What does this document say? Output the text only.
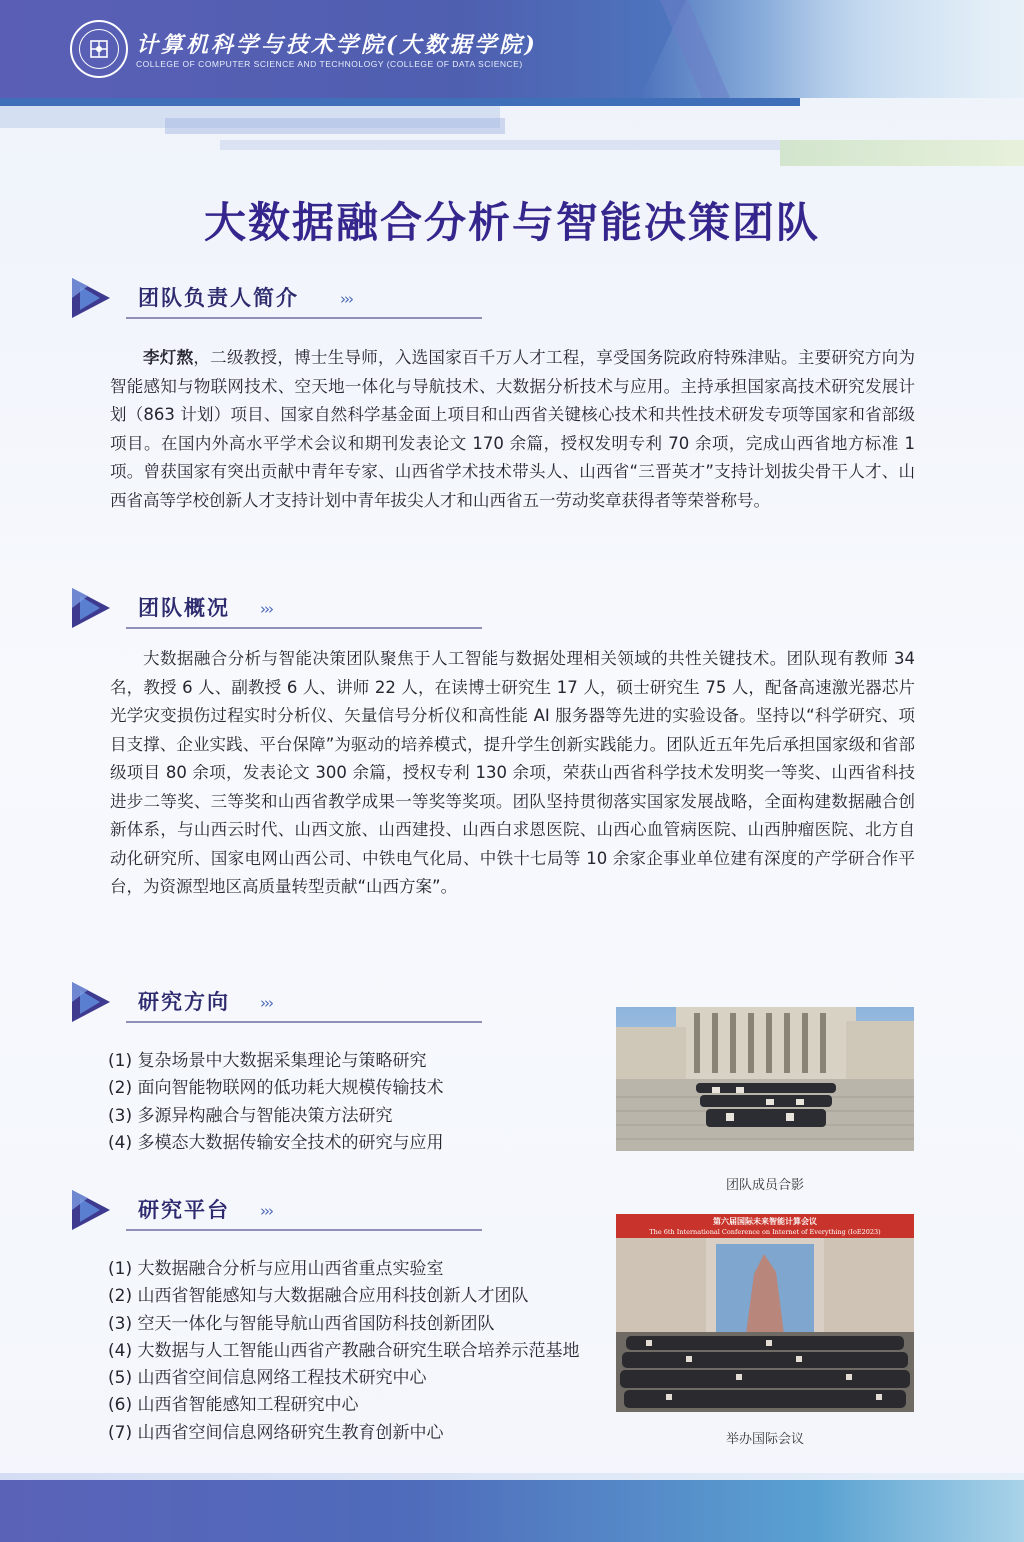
计算机科学与技术学院(大数据学院)
COLLEGE OF COMPUTER SCIENCE AND TECHNOLOGY (COLLEGE OF DATA SCIENCE)
大数据融合分析与智能决策团队
团队负责人简介	›››
李灯熬，二级教授，博士生导师，入选国家百千万人才工程，享受国务院政府特殊津贴。主要研究方向为智能感知与物联网技术、空天地一体化与导航技术、大数据分析技术与应用。主持承担国家高技术研究发展计划（863 计划）项目、国家自然科学基金面上项目和山西省关键核心技术和共性技术研发专项等国家和省部级项目。在国内外高水平学术会议和期刊发表论文 170 余篇，授权发明专利 70 余项，完成山西省地方标准 1 项。曾获国家有突出贡献中青年专家、山西省学术技术带头人、山西省“三晋英才”支持计划拔尖骨干人才、山西省高等学校创新人才支持计划中青年拔尖人才和山西省五一劳动奖章获得者等荣誉称号。
团队概况 ›››
大数据融合分析与智能决策团队聚焦于人工智能与数据处理相关领域的共性关键技术。团队现有教师 34 名，教授 6 人、副教授 6 人、讲师 22 人，在读博士研究生 17 人，硕士研究生 75 人，配备高速激光器芯片光学灾变损伤过程实时分析仪、矢量信号分析仪和高性能 AI 服务器等先进的实验设备。坚持以“科学研究、项目支撑、企业实践、平台保障”为驱动的培养模式，提升学生创新实践能力。团队近五年先后承担国家级和省部级项目 80 余项，发表论文 300 余篇，授权专利 130 余项，荣获山西省科学技术发明奖一等奖、山西省科技进步二等奖、三等奖和山西省教学成果一等奖等奖项。团队坚持贯彻落实国家发展战略，全面构建数据融合创新体系，与山西云时代、山西文旅、山西建投、山西白求恩医院、山西心血管病医院、山西肿瘤医院、北方自动化研究所、国家电网山西公司、中铁电气化局、中铁十七局等 10 余家企事业单位建有深度的产学研合作平台，为资源型地区高质量转型贡献“山西方案”。
研究方向 ›››
(1) 复杂场景中大数据采集理论与策略研究
(2) 面向智能物联网的低功耗大规模传输技术
(3) 多源异构融合与智能决策方法研究
(4) 多模态大数据传输安全技术的研究与应用
研究平台 ›››
(1) 大数据融合分析与应用山西省重点实验室
(2) 山西省智能感知与大数据融合应用科技创新人才团队
(3) 空天一体化与智能导航山西省国防科技创新团队
(4) 大数据与人工智能山西省产教融合研究生联合培养示范基地
(5) 山西省空间信息网络工程技术研究中心
(6) 山西省智能感知工程研究中心
(7) 山西省空间信息网络研究生教育创新中心
团队成员合影
第六届国际未来智能计算会议
The 6th International Conference on Internet of Everything (IoE2023)
举办国际会议
